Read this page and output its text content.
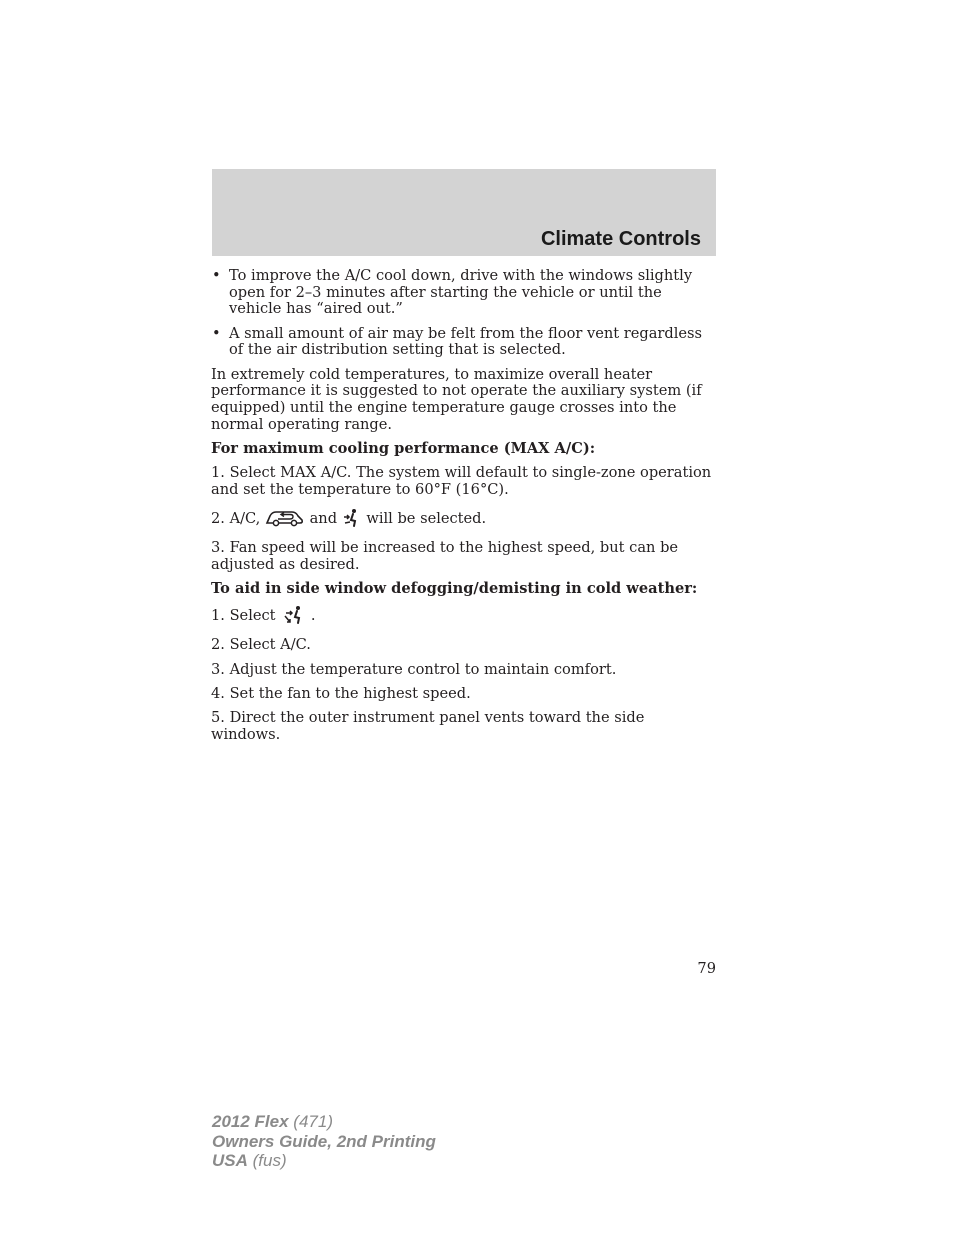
Climate Controls
• To improve the A/C cool down, drive with the windows slightly open for 2–3 minutes after starting the vehicle or until the vehicle has “aired out.”
• A small amount of air may be felt from the floor vent regardless of the air distribution setting that is selected.

In extremely cold temperatures, to maximize overall heater performance it is suggested to not operate the auxiliary system (if equipped) until the engine temperature gauge crosses into the normal operating range.

For maximum cooling performance (MAX A/C):

1. Select MAX A/C. The system will default to single-zone operation and set the temperature to 60°F (16°C).

2. A/C,	and will be selected.

3. Fan speed will be increased to the highest speed, but can be adjusted as desired.

To aid in side window defogging/demisting in cold weather:

1. Select .

2. Select A/C.

3. Adjust the temperature control to maintain comfort.

4. Set the fan to the highest speed.

5. Direct the outer instrument panel vents toward the side windows.

79
2012 Flex (471)
Owners Guide, 2nd Printing
USA (fus)
